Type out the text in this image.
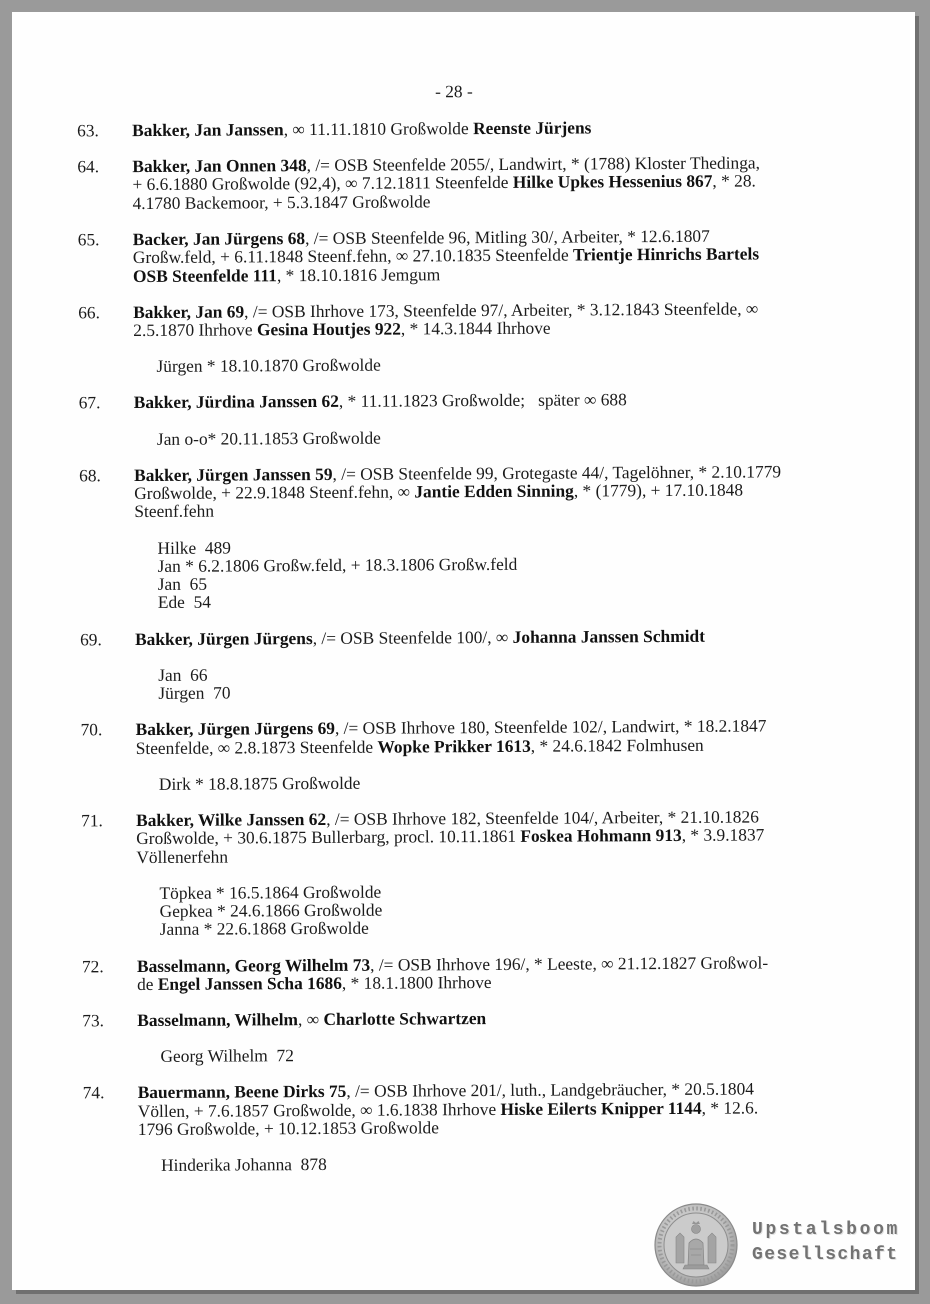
- 28 -
63.	Bakker, Jan Janssen, ∞ 11.11.1810 Großwolde Reenste Jürjens
64.	Bakker, Jan Onnen 348, /= OSB Steenfelde 2055/, Landwirt, * (1788) Kloster Thedinga,
+ 6.6.1880 Großwolde (92,4), ∞ 7.12.1811 Steenfelde Hilke Upkes Hessenius 867, * 28.
4.1780 Backemoor, + 5.3.1847 Großwolde
65.	Backer, Jan Jürgens 68, /= OSB Steenfelde 96, Mitling 30/, Arbeiter, * 12.6.1807
Großw.feld, + 6.11.1848 Steenf.fehn, ∞ 27.10.1835 Steenfelde Trientje Hinrichs Bartels
OSB Steenfelde 111, * 18.10.1816 Jemgum
66.	Bakker, Jan 69, /= OSB Ihrhove 173, Steenfelde 97/, Arbeiter, * 3.12.1843 Steenfelde, ∞
2.5.1870 Ihrhove Gesina Houtjes 922, * 14.3.1844 Ihrhove
Jürgen * 18.10.1870 Großwolde
67.	Bakker, Jürdina Janssen 62, * 11.11.1823 Großwolde;   später ∞ 688
Jan o-o* 20.11.1853 Großwolde
68.	Bakker, Jürgen Janssen 59, /= OSB Steenfelde 99, Grotegaste 44/, Tagelöhner, * 2.10.1779
Großwolde, + 22.9.1848 Steenf.fehn, ∞ Jantie Edden Sinning, * (1779), + 17.10.1848
Steenf.fehn
Hilke  489
Jan * 6.2.1806 Großw.feld, + 18.3.1806 Großw.feld
Jan  65
Ede  54
69.	Bakker, Jürgen Jürgens, /= OSB Steenfelde 100/, ∞ Johanna Janssen Schmidt
Jan  66
Jürgen  70
70.	Bakker, Jürgen Jürgens 69, /= OSB Ihrhove 180, Steenfelde 102/, Landwirt, * 18.2.1847
Steenfelde, ∞ 2.8.1873 Steenfelde Wopke Prikker 1613, * 24.6.1842 Folmhusen
Dirk * 18.8.1875 Großwolde
71.	Bakker, Wilke Janssen 62, /= OSB Ihrhove 182, Steenfelde 104/, Arbeiter, * 21.10.1826
Großwolde, + 30.6.1875 Bullerbarg, procl. 10.11.1861 Foskea Hohmann 913, * 3.9.1837
Völlenerfehn
Töpkea * 16.5.1864 Großwolde
Gepkea * 24.6.1866 Großwolde
Janna * 22.6.1868 Großwolde
72.	Basselmann, Georg Wilhelm 73, /= OSB Ihrhove 196/, * Leeste, ∞ 21.12.1827 Großwol-
de Engel Janssen Scha 1686, * 18.1.1800 Ihrhove
73.	Basselmann, Wilhelm, ∞ Charlotte Schwartzen
Georg Wilhelm  72
74.	Bauermann, Beene Dirks 75, /= OSB Ihrhove 201/, luth., Landgebräucher, * 20.5.1804
Völlen, + 7.6.1857 Großwolde, ∞ 1.6.1838 Ihrhove Hiske Eilerts Knipper 1144, * 12.6.
1796 Großwolde, + 10.12.1853 Großwolde
Hinderika Johanna  878
Upstalsboom
Gesellschaft
